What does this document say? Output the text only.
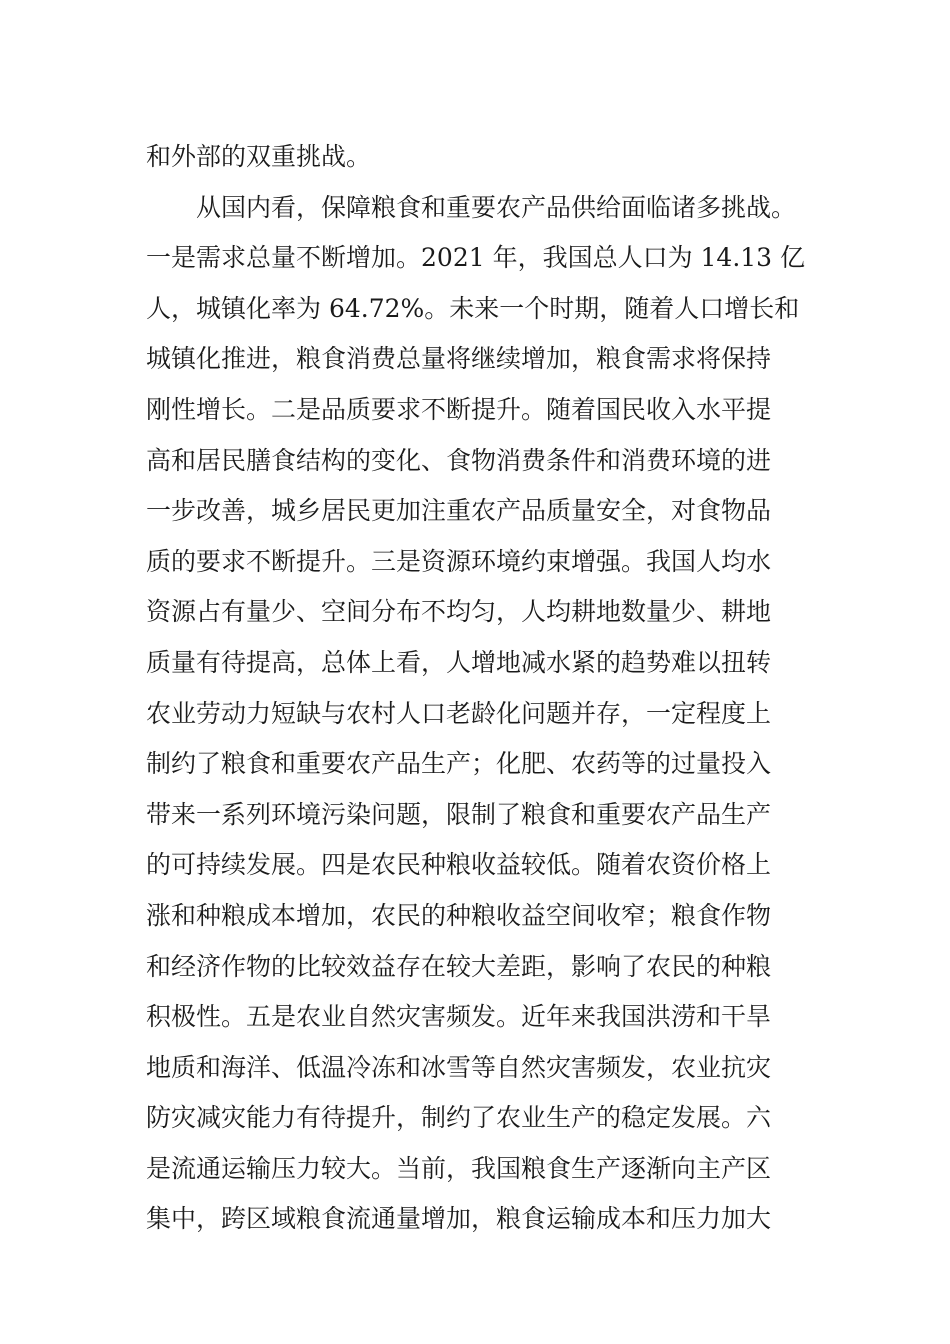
和外部的双重挑战。
从国内看，保障粮食和重要农产品供给面临诸多挑战。
一是需求总量不断增加。2021 年，我国总人口为 14.13 亿
人，城镇化率为 64.72%。未来一个时期，随着人口增长和
城镇化推进，粮食消费总量将继续增加，粮食需求将保持
刚性增长。二是品质要求不断提升。随着国民收入水平提
高和居民膳食结构的变化、食物消费条件和消费环境的进
一步改善，城乡居民更加注重农产品质量安全，对食物品
质的要求不断提升。三是资源环境约束增强。我国人均水
资源占有量少、空间分布不均匀，人均耕地数量少、耕地
质量有待提高，总体上看，人增地减水紧的趋势难以扭转
农业劳动力短缺与农村人口老龄化问题并存，一定程度上
制约了粮食和重要农产品生产；化肥、农药等的过量投入
带来一系列环境污染问题，限制了粮食和重要农产品生产
的可持续发展。四是农民种粮收益较低。随着农资价格上
涨和种粮成本增加，农民的种粮收益空间收窄；粮食作物
和经济作物的比较效益存在较大差距，影响了农民的种粮
积极性。五是农业自然灾害频发。近年来我国洪涝和干旱
地质和海洋、低温冷冻和冰雪等自然灾害频发，农业抗灾
防灾减灾能力有待提升，制约了农业生产的稳定发展。六
是流通运输压力较大。当前，我国粮食生产逐渐向主产区
集中，跨区域粮食流通量增加，粮食运输成本和压力加大
